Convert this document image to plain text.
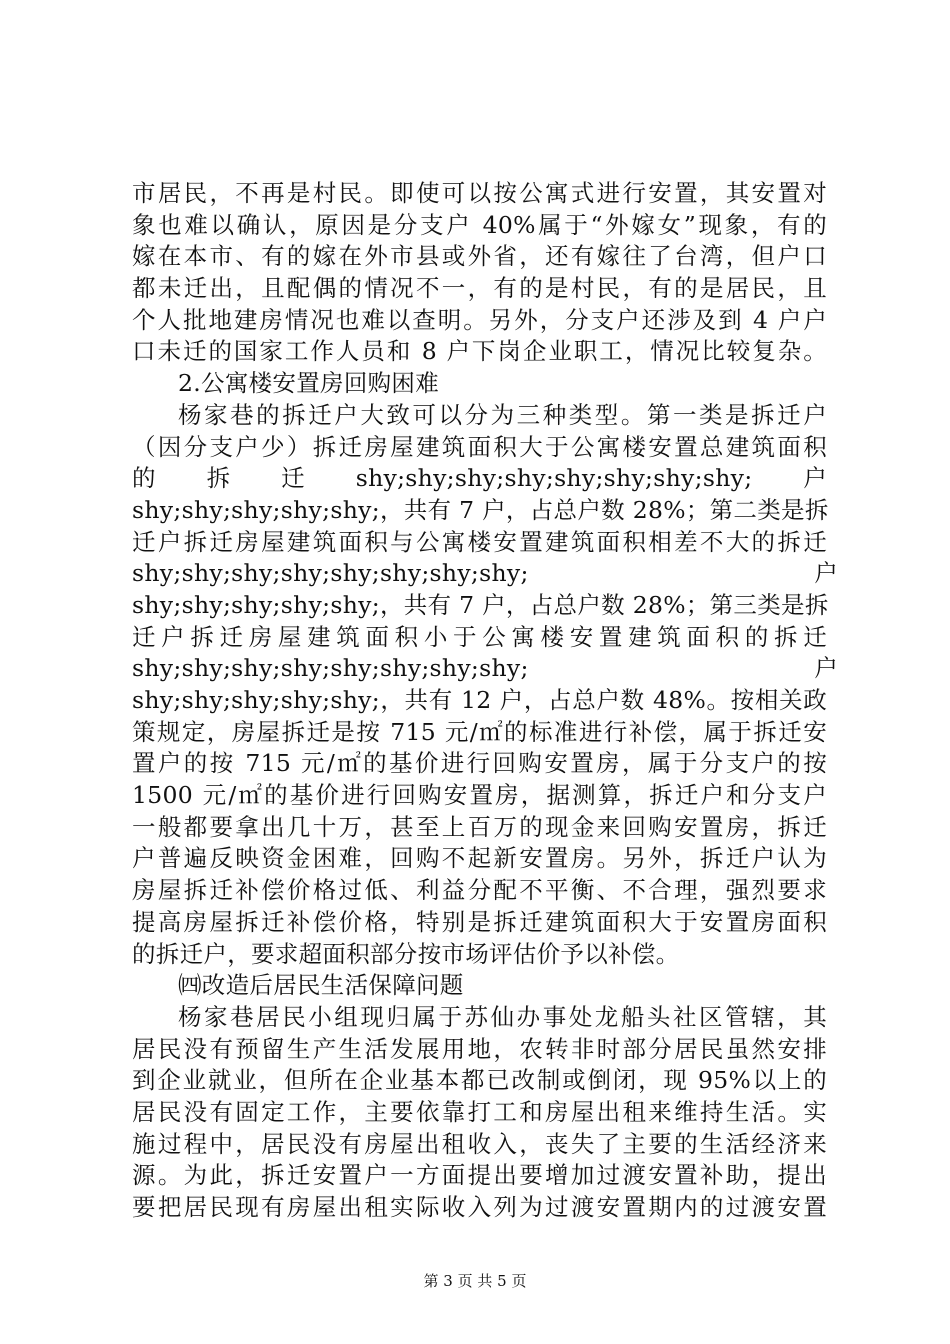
市居民，不再是村民。即使可以按公寓式进行安置，其安置对
象也难以确认，原因是分支户 40%属于“外嫁女”现象，有的
嫁在本市、有的嫁在外市县或外省，还有嫁往了台湾，但户口
都未迁出，且配偶的情况不一，有的是村民，有的是居民，且
个人批地建房情况也难以查明。另外，分支户还涉及到 4 户户
口未迁的国家工作人员和 8 户下岗企业职工，情况比较复杂。
2.公寓楼安置房回购困难
杨家巷的拆迁户大致可以分为三种类型。第一类是拆迁户
（因分支户少）拆迁房屋建筑面积大于公寓楼安置总建筑面积
的　　拆　　迁　　shy;shy;shy;shy;shy;shy;shy;shy;　　户
shy;shy;shy;shy;shy;，共有 7 户，占总户数 28%；第二类是拆
迁户拆迁房屋建筑面积与公寓楼安置建筑面积相差不大的拆迁
shy;shy;shy;shy;shy;shy;shy;shy;　　　　　　　　　　　　户
shy;shy;shy;shy;shy;，共有 7 户，占总户数 28%；第三类是拆
迁户拆迁房屋建筑面积小于公寓楼安置建筑面积的拆迁
shy;shy;shy;shy;shy;shy;shy;shy;　　　　　　　　　　　　户
shy;shy;shy;shy;shy;，共有 12 户，占总户数 48%。按相关政
策规定，房屋拆迁是按 715 元/㎡的标准进行补偿，属于拆迁安
置户的按 715 元/㎡的基价进行回购安置房，属于分支户的按
1500 元/㎡的基价进行回购安置房，据测算，拆迁户和分支户
一般都要拿出几十万，甚至上百万的现金来回购安置房，拆迁
户普遍反映资金困难，回购不起新安置房。另外，拆迁户认为
房屋拆迁补偿价格过低、利益分配不平衡、不合理，强烈要求
提高房屋拆迁补偿价格，特别是拆迁建筑面积大于安置房面积
的拆迁户，要求超面积部分按市场评估价予以补偿。
㈣改造后居民生活保障问题
杨家巷居民小组现归属于苏仙办事处龙船头社区管辖，其
居民没有预留生产生活发展用地，农转非时部分居民虽然安排
到企业就业，但所在企业基本都已改制或倒闭，现 95%以上的
居民没有固定工作，主要依靠打工和房屋出租来维持生活。实
施过程中，居民没有房屋出租收入，丧失了主要的生活经济来
源。为此，拆迁安置户一方面提出要增加过渡安置补助，提出
要把居民现有房屋出租实际收入列为过渡安置期内的过渡安置
第 3 页 共 5 页
